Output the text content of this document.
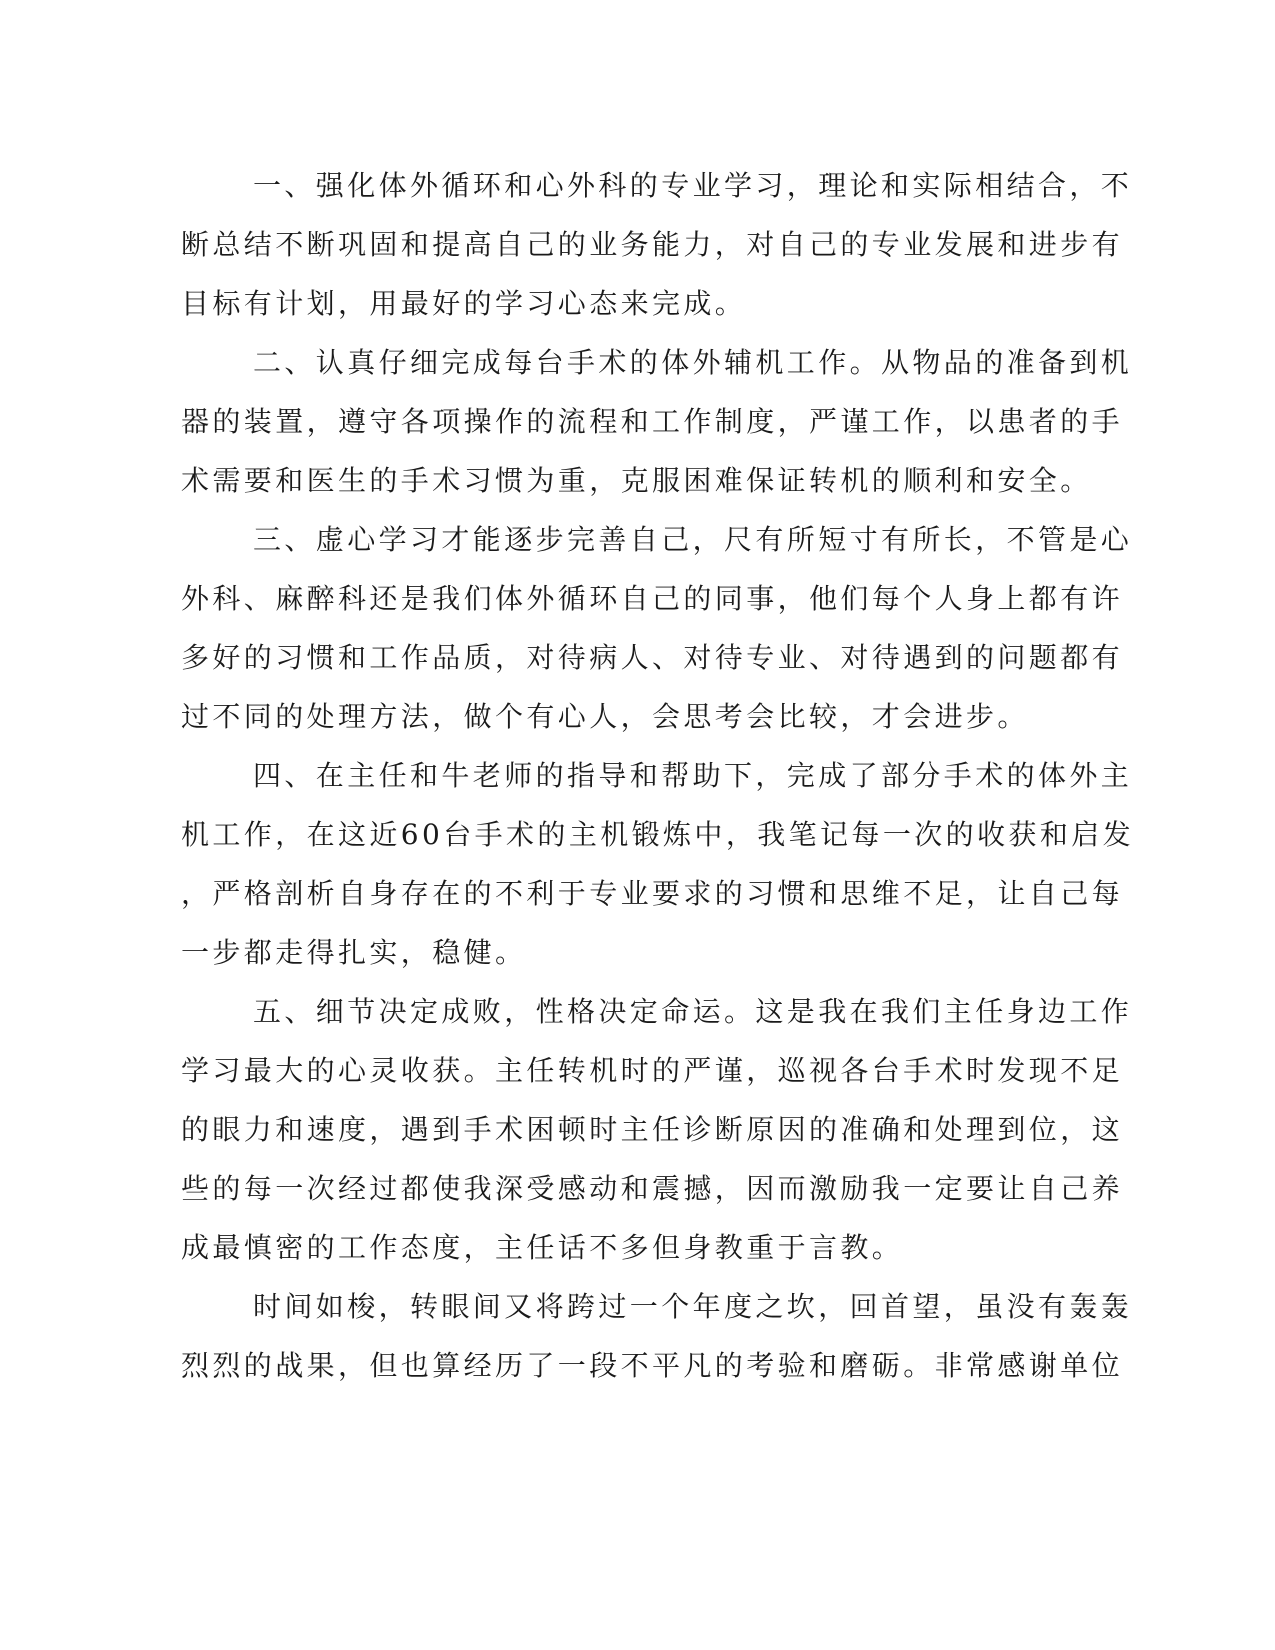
一、强化体外循环和心外科的专业学习，理论和实际相结合，不
断总结不断巩固和提高自己的业务能力，对自己的专业发展和进步有
目标有计划，用最好的学习心态来完成。
二、认真仔细完成每台手术的体外辅机工作。从物品的准备到机
器的装置，遵守各项操作的流程和工作制度，严谨工作，以患者的手
术需要和医生的手术习惯为重，克服困难保证转机的顺利和安全。
三、虚心学习才能逐步完善自己，尺有所短寸有所长，不管是心
外科、麻醉科还是我们体外循环自己的同事，他们每个人身上都有许
多好的习惯和工作品质，对待病人、对待专业、对待遇到的问题都有
过不同的处理方法，做个有心人，会思考会比较，才会进步。
四、在主任和牛老师的指导和帮助下，完成了部分手术的体外主
机工作，在这近60台手术的主机锻炼中，我笔记每一次的收获和启发
，严格剖析自身存在的不利于专业要求的习惯和思维不足，让自己每
一步都走得扎实，稳健。
五、细节决定成败，性格决定命运。这是我在我们主任身边工作
学习最大的心灵收获。主任转机时的严谨，巡视各台手术时发现不足
的眼力和速度，遇到手术困顿时主任诊断原因的准确和处理到位，这
些的每一次经过都使我深受感动和震撼，因而激励我一定要让自己养
成最慎密的工作态度，主任话不多但身教重于言教。
时间如梭，转眼间又将跨过一个年度之坎，回首望，虽没有轰轰
烈烈的战果，但也算经历了一段不平凡的考验和磨砺。非常感谢单位
